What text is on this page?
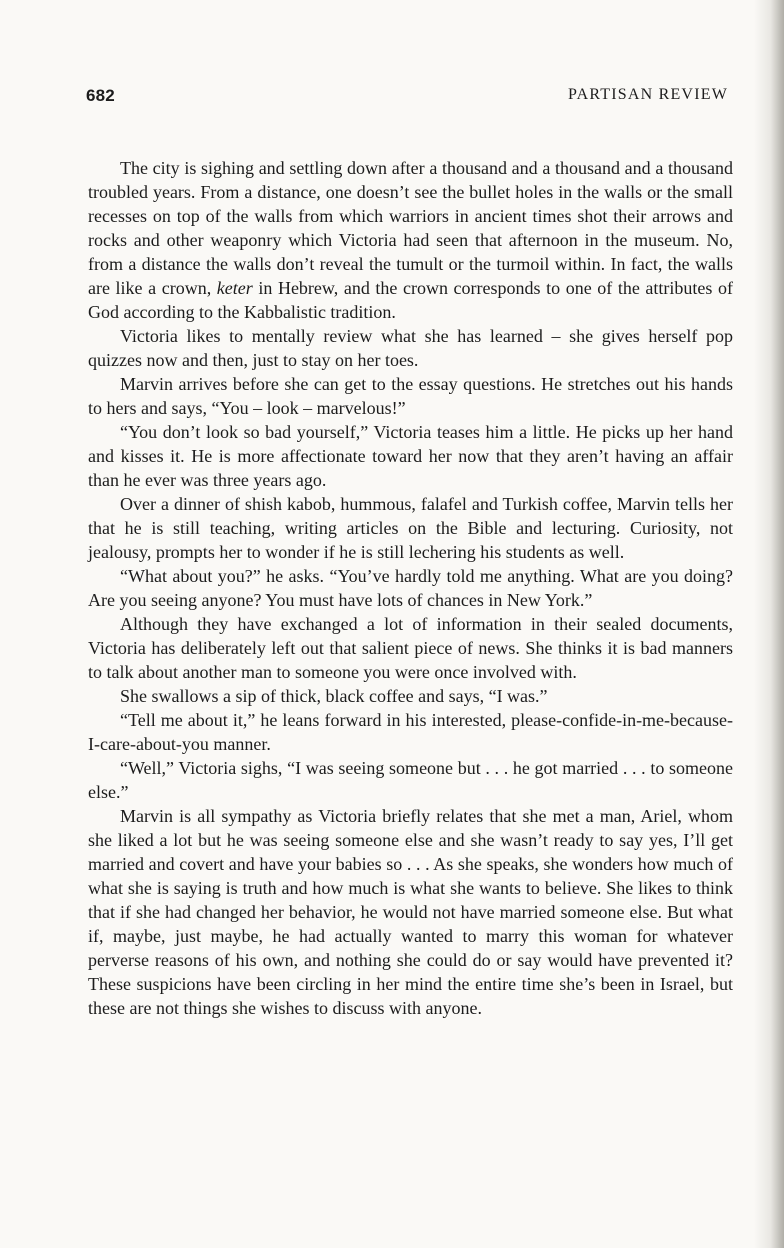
682	PARTISAN REVIEW

The city is sighing and settling down after a thousand and a thousand and a thousand troubled years. From a distance, one doesn’t see the bullet holes in the walls or the small recesses on top of the walls from which warriors in ancient times shot their arrows and rocks and other weaponry which Victoria had seen that afternoon in the museum. No, from a distance the walls don’t reveal the tumult or the turmoil within. In fact, the walls are like a crown, keter in Hebrew, and the crown corresponds to one of the attributes of God according to the Kabbalistic tradition.

Victoria likes to mentally review what she has learned – she gives herself pop quizzes now and then, just to stay on her toes.

Marvin arrives before she can get to the essay questions. He stretches out his hands to hers and says, “You – look – marvelous!”

“You don’t look so bad yourself,” Victoria teases him a little. He picks up her hand and kisses it. He is more affectionate toward her now that they aren’t having an affair than he ever was three years ago.

Over a dinner of shish kabob, hummous, falafel and Turkish coffee, Marvin tells her that he is still teaching, writing articles on the Bible and lecturing. Curiosity, not jealousy, prompts her to wonder if he is still lechering his students as well.

“What about you?” he asks. “You’ve hardly told me anything. What are you doing? Are you seeing anyone? You must have lots of chances in New York.”

Although they have exchanged a lot of information in their sealed documents, Victoria has deliberately left out that salient piece of news. She thinks it is bad manners to talk about another man to someone you were once involved with.

She swallows a sip of thick, black coffee and says, “I was.”

“Tell me about it,” he leans forward in his interested, please-confide-in-me-because-I-care-about-you manner.

“Well,” Victoria sighs, “I was seeing someone but . . . he got married . . . to someone else.”

Marvin is all sympathy as Victoria briefly relates that she met a man, Ariel, whom she liked a lot but he was seeing someone else and she wasn’t ready to say yes, I’ll get married and covert and have your babies so . . . As she speaks, she wonders how much of what she is saying is truth and how much is what she wants to believe. She likes to think that if she had changed her behavior, he would not have married someone else. But what if, maybe, just maybe, he had actually wanted to marry this woman for whatever perverse reasons of his own, and nothing she could do or say would have prevented it? These suspicions have been circling in her mind the entire time she’s been in Israel, but these are not things she wishes to discuss with anyone.
